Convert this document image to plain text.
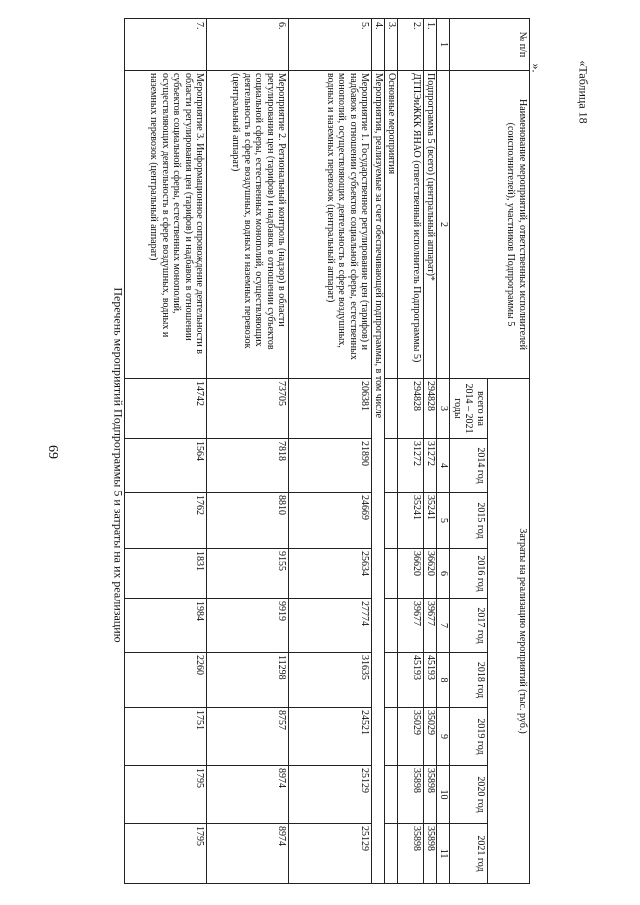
69
«Таблица 18
Перечень мероприятий Подпрограммы 5 и затраты на их реализацию
».
№ п/п	Наименование мероприятий, ответственных исполнителей (соисполнителей), участников Подпрограммы 5	Затраты на реализацию мероприятий (тыс. руб.)								
		всего на 2014 – 2021 годы	2014 год	2015 год	2016 год	2017 год	2018 год	2019 год	2020 год	2021 год
1	2	3	4	5	6	7	8	9	10	11
1.	Подпрограмма 5 (всего) (центральный аппарат)*	294828	31272	35241	36620	39677	45193	35029	35898	35898
2.	ДТПЭиЖКК ЯНАО (ответственный исполнитель Подпрограммы 5)	294828	31272	35241	36620	39677	45193	35029	35898	35898
3.	Основные мероприятия									
4.	Мероприятия, реализуемые за счет обеспечивающей подпрограммы, в том числе									
5.	Мероприятие 1. Государственное регулирование цен (тарифов) и надбавок в отношении субъектов социальной сферы, естественных монополий, осуществляющих деятельность в сфере воздушных, водных и наземных перевозок (центральный аппарат)	206381	21890	24669	25634	27774	31635	24521	25129	25129
6.	Мероприятие 2. Региональный контроль (надзор) в области регулирования цен (тарифов) и надбавок в отношении субъектов социальной сферы, естественных монополий, осуществляющих деятельность в сфере воздушных, водных и наземных перевозок (центральный аппарат)	73705	7818	8810	9155	9919	11298	8757	8974	8974
7.	Мероприятие 3. Информационное сопровождение деятельности в области регулирования цен (тарифов) и надбавок в отношении субъектов социальной сферы, естественных монополий, осуществляющих деятельность в сфере воздушных, водных и наземных перевозок (центральный аппарат)	14742	1564	1762	1831	1984	2260	1751	1795	1795
